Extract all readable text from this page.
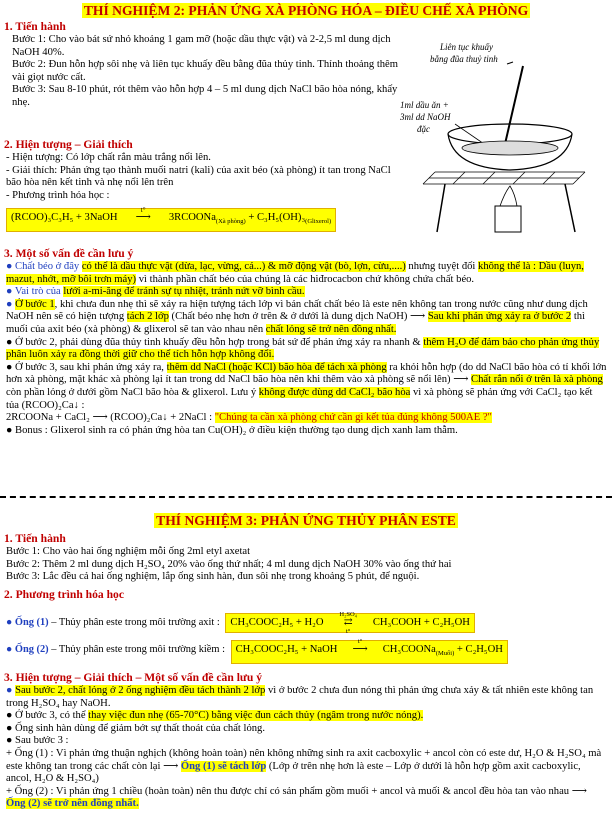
THÍ NGHIỆM 2: PHẢN ỨNG XÀ PHÒNG HÓA – ĐIỀU CHẾ XÀ PHÒNG
1. Tiến hành
Bước 1: Cho vào bát sứ nhỏ khoảng 1 gam mỡ (hoặc dầu thực vật) và 2-2,5 ml dung dịch NaOH 40%.
Bước 2: Đun hỗn hợp sôi nhẹ và liên tục khuấy đều bằng đũa thủy tinh. Thỉnh thoảng thêm vài giọt nước cất.
Bước 3: Sau 8-10 phút, rót thêm vào hỗn hợp 4 – 5 ml dung dịch NaCl bão hòa nóng, khấy nhẹ.
Liên tục khuấy
bằng đũa thuỷ tinh
1ml dầu ăn +
3ml dd NaOH
đặc
2. Hiện tượng – Giải thích
- Hiện tượng: Có lớp chất rắn màu trắng nổi lên.
- Giải thích: Phản ứng tạo thành muối natri (kali) của axit béo (xà phòng) ít tan trong NaCl bão hòa nên kết tinh và nhẹ nổi lên trên
- Phương trình hóa học :
(RCOO)₃C₃H₅ + 3NaOH
t°
⟶ 3RCOONa$_{(Xà phòng)}$ + $C_3H_5(OH)_3_{(Glixerol)}$
3. Một số vấn đề cần lưu ý
● Chất béo ở đây có thể là dầu thực vật (dừa, lạc, vừng, cá...) & mỡ động vật (bò, lợn, cừu,....) nhưng tuyệt đối không thể là : Dầu (luyn, mazut, nhớt, mỡ bôi trơn máy) vì thành phần chất béo của chúng là các hiđrocacbon chứ không chứa chất béo.
● Vai trò của lưới a-mi-ăng để tránh sự tụ nhiệt, tránh nứt vỡ bình cầu.
● Ở bước 1, khi chưa đun nhẹ thì sẽ xảy ra hiện tượng tách lớp vì bản chất chất béo là este nên không tan trong nước cũng như dung dịch NaOH nên sẽ có hiện tượng tách 2 lớp (Chất béo nhẹ hơn ở trên & ở dưới là dung dịch NaOH) ⟶ Sau khi phản ứng xảy ra ở bước 2 thì muối của axit béo (xà phòng) & glixerol sẽ tan vào nhau nên chất lỏng sẽ trở nên đồng nhất.
● Ở bước 2, phải dùng đũa thủy tinh khuấy đều hỗn hợp trong bát sứ để phản ứng xảy ra nhanh & thêm H₂O để đảm bảo cho phản ứng thủy phân luôn xảy ra đồng thời giữ cho thể tích hỗn hợp không đổi.
● Ở bước 3, sau khi phản ứng xảy ra, thêm dd NaCl (hoặc KCl) bão hòa để tách xà phòng ra khỏi hỗn hợp (do dd NaCl bão hòa có tỉ khối lớn hơn xà phòng, mặt khác xà phòng lại ít tan trong dd NaCl bão hòa nên khi thêm vào xà phòng sẽ nổi lên) ⟶ Chất rắn nổi ở trên là xà phòng còn phần lỏng ở dưới gồm NaCl bão hòa & glixerol. Lưu ý không được dùng dd CaCl₂ bão hòa vì xà phòng sẽ phản ứng với CaCl₂ tạo kết tủa (RCOO)₂Ca↓ :
2RCOONa + CaCl₂ ⟶ (RCOO)₂Ca↓ + 2NaCl : "Chúng ta cần xà phòng chứ cần gì kết tủa đúng không 500AE ?"
● Bonus : Glixerol sinh ra có phản ứng hòa tan Cu(OH)₂ ở điều kiện thường tạo dung dịch xanh lam thẫm.
THÍ NGHIỆM 3: PHẢN ỨNG THỦY PHÂN ESTE
1. Tiến hành
Bước 1: Cho vào hai ống nghiệm mỗi ống 2ml etyl axetat
Bước 2: Thêm 2 ml dung dịch H₂SO₄ 20% vào ống thứ nhất; 4 ml dung dịch NaOH 30% vào ống thứ hai
Bước 3: Lắc đều cả hai ống nghiệm, lắp ống sinh hàn, đun sôi nhẹ trong khoảng 5 phút, để nguội.
2. Phương trình hóa học
● Ống (1) – Thủy phân este trong môi trường axit : CH₃COOC₂H₅ + H₂O
H₂SO₄
⇄
t°
CH₃COOH + C₂H₅OH
● Ống (2) – Thủy phân este trong môi trường kiềm : CH₃COOC₂H₅ + NaOH
t°
⟶ CH₃COONa$_{(Muối)}$ + C₂H₅OH
3. Hiện tượng – Giải thích – Một số vấn đề cần lưu ý
● Sau bước 2, chất lỏng ở 2 ống nghiệm đều tách thành 2 lớp vì ở bước 2 chưa đun nóng thì phản ứng chưa xảy & tất nhiên este không tan trong H₂SO₄ hay NaOH.
● Ở bước 3, có thể thay việc đun nhẹ (65-70°C) bằng việc đun cách thủy (ngâm trong nước nóng).
● Ống sinh hàn dùng để giảm bớt sự thất thoát của chất lỏng.
● Sau bước 3 :
+ Ống (1) : Vì phản ứng thuận nghịch (không hoàn toàn) nên không những sinh ra axit cacboxylic + ancol còn có este dư, H₂O & H₂SO₄ mà este không tan trong các chất còn lại ⟶ Ống (1) sẽ tách lớp (Lớp ở trên nhẹ hơn là este – Lớp ở dưới là hỗn hợp gồm axit cacboxylic, ancol, H₂O & H₂SO₄)
+ Ống (2) : Vì phản ứng 1 chiều (hoàn toàn) nên thu được chỉ có sản phẩm gồm muối + ancol và muối & ancol đều hòa tan vào nhau ⟶ Ống (2) sẽ trở nên đồng nhất.
